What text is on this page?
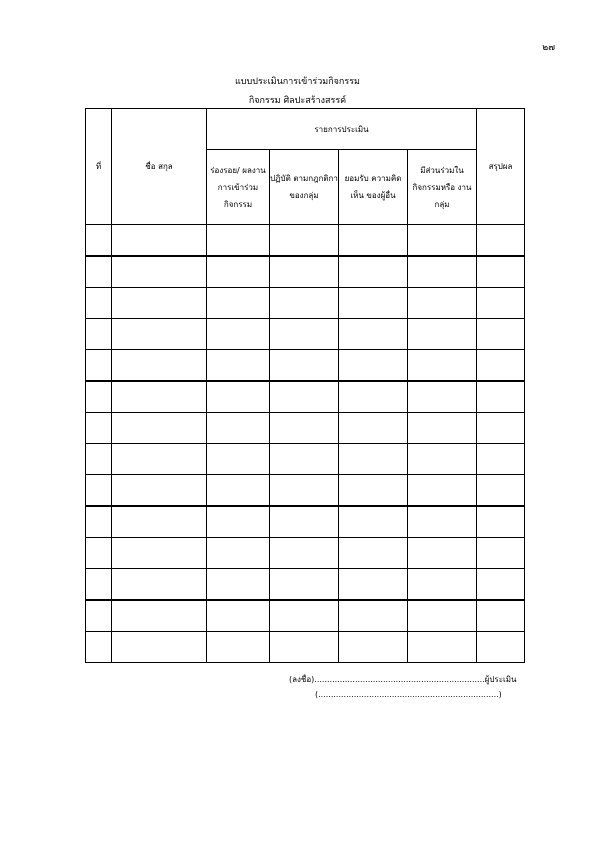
๒๗
แบบประเมินการเข้าร่วมกิจกรรม
กิจกรรม ศิลปะสร้างสรรค์
ที่	ชื่อ สกุล	รายการประเมิน				สรุปผล
		ร่องรอย/ ผลงาน การเข้าร่วม กิจกรรม	ปฏิบัติ ตามกฎกติกา ของกลุ่ม	ยอมรับ ความคิดเห็น ของผู้อื่น	มีส่วนร่วมใน กิจกรรมหรือ งานกลุ่ม	

(ลงชื่อ)...................................................................ผู้ประเมิน
(.......................................................................)
